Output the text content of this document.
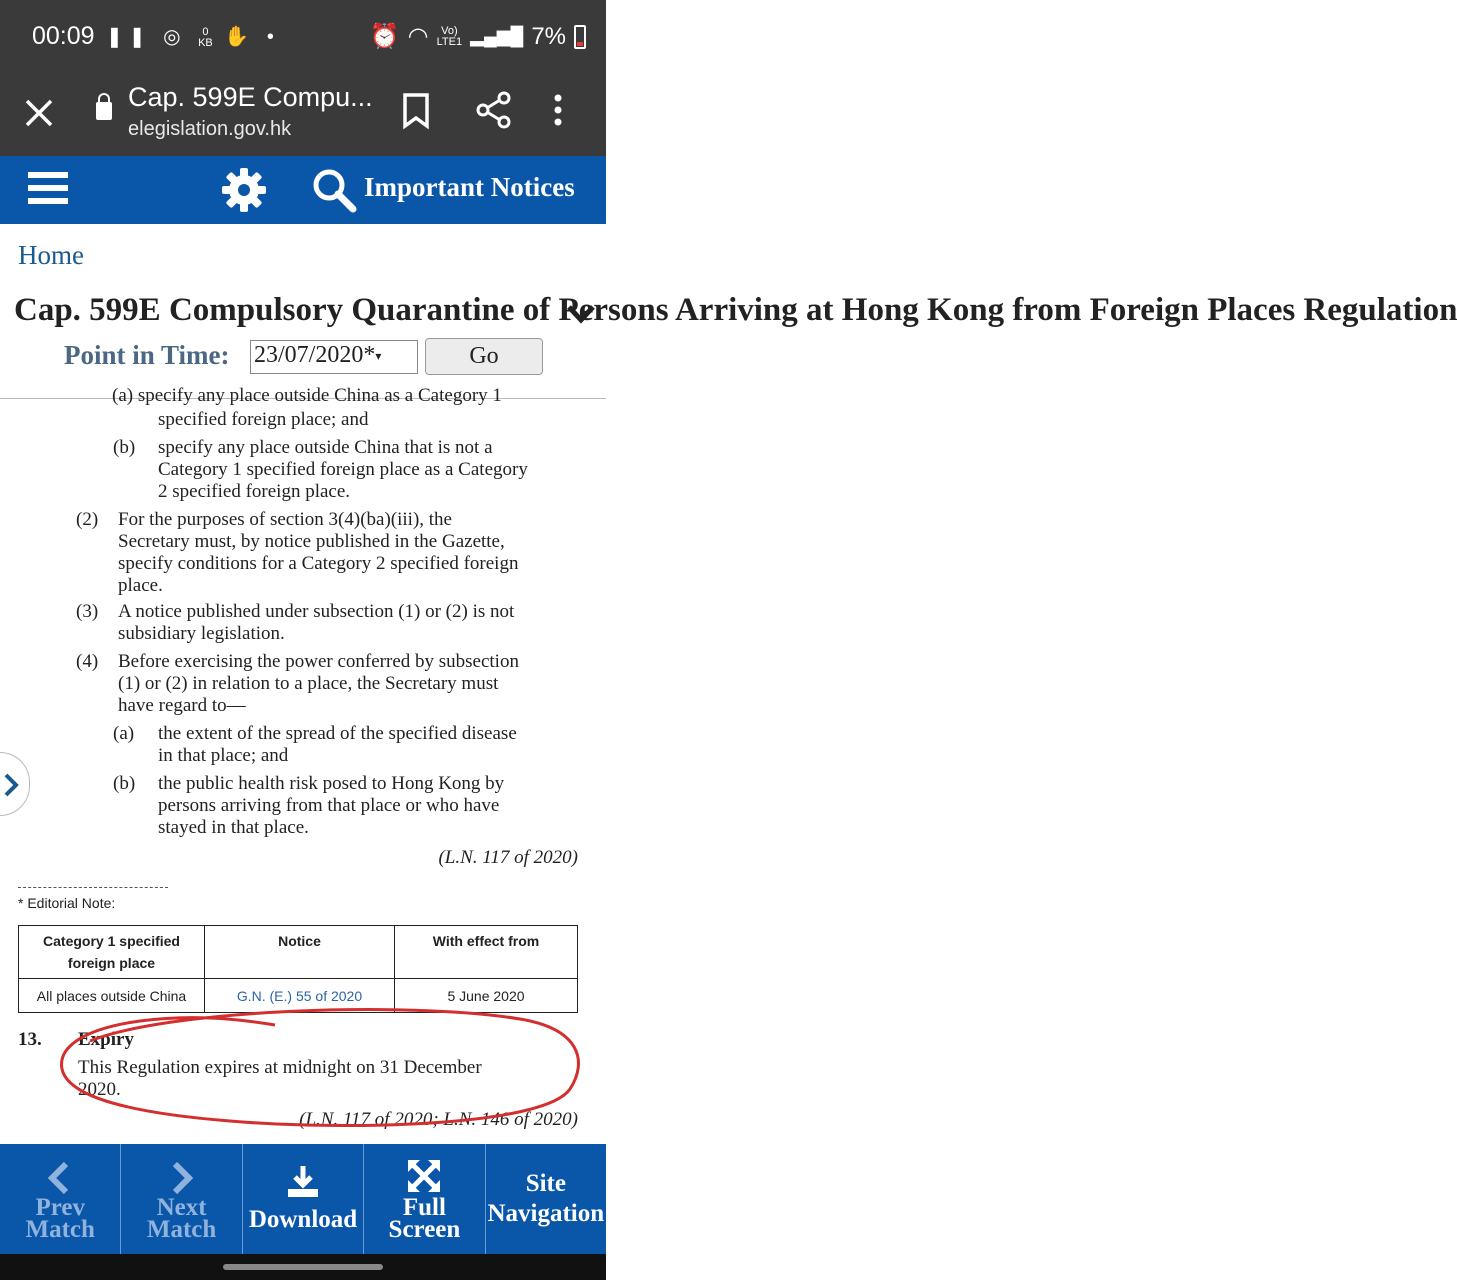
00:09 ❚❚ ◎	0
KB ✋ •	⏰ ◠	Vo)
LTE1 ▂▄▆█ 7%
Cap. 599E Compu...
elegislation.gov.hk
Important Notices
Home
Cap. 599E Compulsory Quarantine of Persons Arriving at Hong Kong from Foreign Places Regulation
Point in Time: 23/07/2020*▾	Go
(a) specify any place outside China as a Category 1
specified foreign place; and
(b) specify any place outside China that is not a
Category 1 specified foreign place as a Category
2 specified foreign place.
(2) For the purposes of section 3(4)(ba)(iii), the
Secretary must, by notice published in the Gazette,
specify conditions for a Category 2 specified foreign
place.
(3) A notice published under subsection (1) or (2) is not
subsidiary legislation.
(4) Before exercising the power conferred by subsection
(1) or (2) in relation to a place, the Secretary must
have regard to—
(a) the extent of the spread of the specified disease
in that place; and
(b) the public health risk posed to Hong Kong by
persons arriving from that place or who have
stayed in that place.
(L.N. 117 of 2020)
* Editorial Note:
Category 1 specified foreign place	Notice	With effect from
All places outside China	G.N. (E.) 55 of 2020	5 June 2020
13. Expiry
This Regulation expires at midnight on 31 December
2020.
(L.N. 117 of 2020; L.N. 146 of 2020)
Prev
Match
Next
Match	Download	Full
Screen
Site
Navigation
